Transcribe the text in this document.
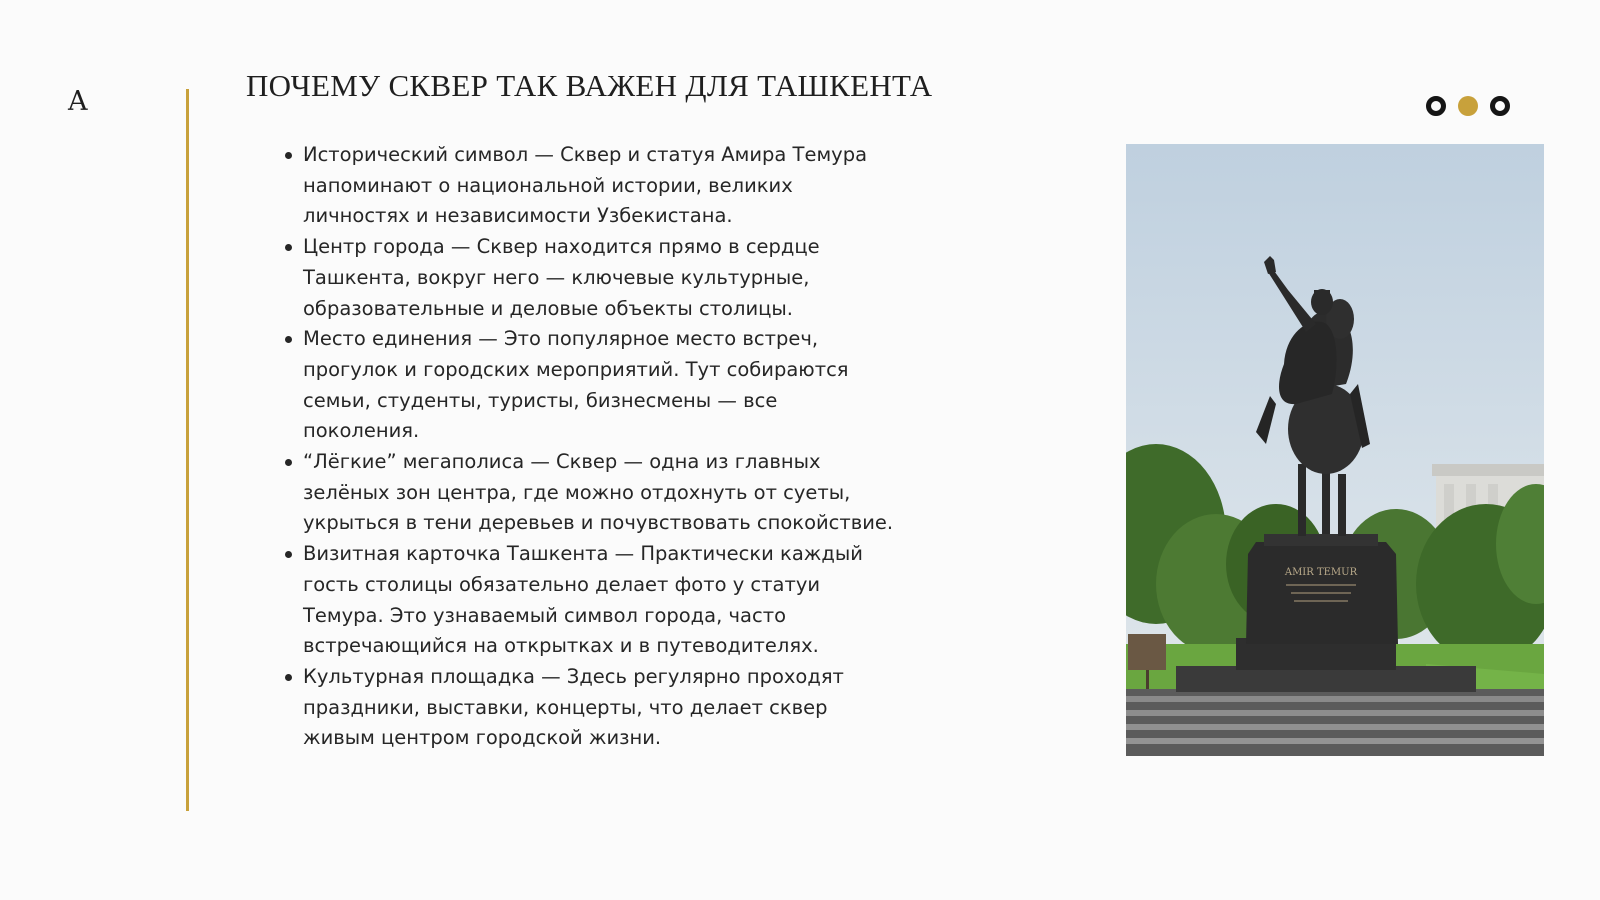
A	ПОЧЕМУ СКВЕР ТАК ВАЖЕН ДЛЯ ТАШКЕНТА
Исторический символ — Сквер и статуя Амира Темура напоминают о национальной истории, великих личностях и независимости Узбекистана.
Центр города — Сквер находится прямо в сердце Ташкента, вокруг него — ключевые культурные, образовательные и деловые объекты столицы.
Место единения — Это популярное место встреч, прогулок и городских мероприятий. Тут собираются семьи, студенты, туристы, бизнесмены — все поколения.
“Лёгкие” мегаполиса — Сквер — одна из главных зелёных зон центра, где можно отдохнуть от суеты, укрыться в тени деревьев и почувствовать спокойствие.
Визитная карточка Ташкента — Практически каждый гость столицы обязательно делает фото у статуи Темура. Это узнаваемый символ города, часто встречающийся на открытках и в путеводителях.
Культурная площадка — Здесь регулярно проходят праздники, выставки, концерты, что делает сквер живым центром городской жизни.
AMIR TEMUR
